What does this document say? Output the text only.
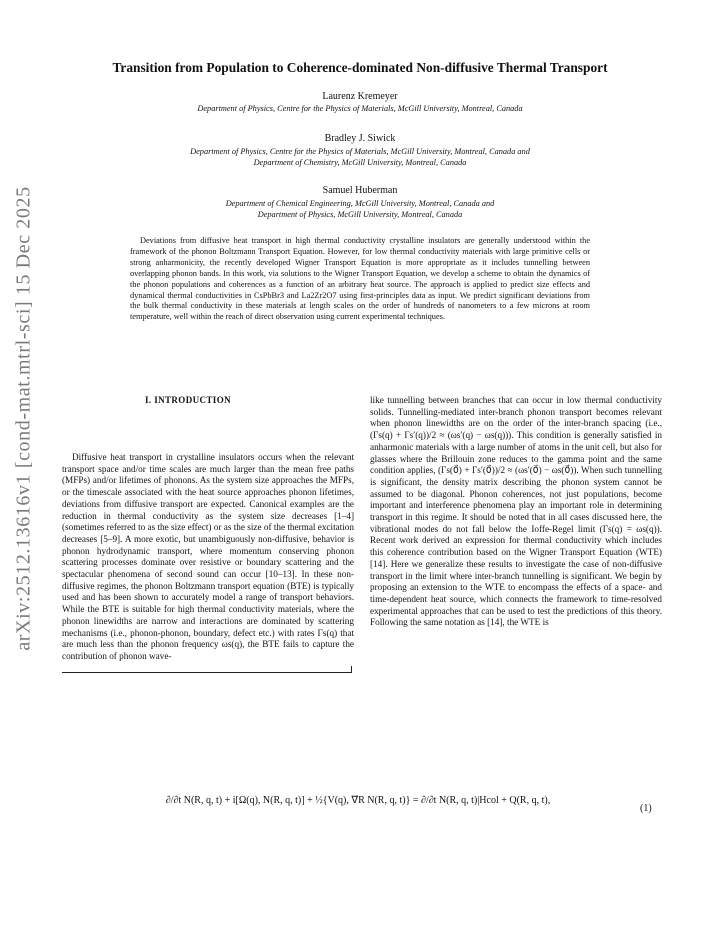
arXiv:2512.13616v1 [cond-mat.mtrl-sci] 15 Dec 2025
Transition from Population to Coherence-dominated Non-diffusive Thermal Transport
Laurenz Kremeyer
Department of Physics, Centre for the Physics of Materials, McGill University, Montreal, Canada
Bradley J. Siwick
Department of Physics, Centre for the Physics of Materials, McGill University, Montreal, Canada and
Department of Chemistry, McGill University, Montreal, Canada
Samuel Huberman
Department of Chemical Engineering, McGill University, Montreal, Canada and
Department of Physics, McGill University, Montreal, Canada
Deviations from diffusive heat transport in high thermal conductivity crystalline insulators are generally understood within the framework of the phonon Boltzmann Transport Equation. However, for low thermal conductivity materials with large primitive cells or strong anharmonicity, the recently developed Wigner Transport Equation is more appropriate as it includes tunnelling between overlapping phonon bands. In this work, via solutions to the Wigner Transport Equation, we develop a scheme to obtain the dynamics of the phonon populations and coherences as a function of an arbitrary heat source. The approach is applied to predict size effects and dynamical thermal conductivities in CsPbBr3 and La2Zr2O7 using first-principles data as input. We predict significant deviations from the bulk thermal conductivity in these materials at length scales on the order of hundreds of nanometers to a few microns at room temperature, well within the reach of direct observation using current experimental techniques.
I. INTRODUCTION
Diffusive heat transport in crystalline insulators occurs when the relevant transport space and/or time scales are much larger than the mean free paths (MFPs) and/or lifetimes of phonons. As the system size approaches the MFPs, or the timescale associated with the heat source approaches phonon lifetimes, deviations from diffusive transport are expected. Canonical examples are the reduction in thermal conductivity as the system size decreases [1–4] (sometimes referred to as the size effect) or as the size of the thermal excitation decreases [5–9]. A more exotic, but unambiguously non-diffusive, behavior is phonon hydrodynamic transport, where momentum conserving phonon scattering processes dominate over resistive or boundary scattering and the spectacular phenomena of second sound can occur [10–13]. In these non-diffusive regimes, the phonon Boltzmann transport equation (BTE) is typically used and has been shown to accurately model a range of transport behaviors. While the BTE is suitable for high thermal conductivity materials, where the phonon linewidths are narrow and interactions are dominated by scattering mechanisms (i.e., phonon-phonon, boundary, defect etc.) with rates Γs(q) that are much less than the phonon frequency ωs(q), the BTE fails to capture the contribution of phonon wave-
like tunnelling between branches that can occur in low thermal conductivity solids. Tunnelling-mediated inter-branch phonon transport becomes relevant when phonon linewidths are on the order of the inter-branch spacing (i.e., (Γs(q) + Γs′(q))/2 ≈ (ωs′(q) − ωs(q))). This condition is generally satisfied in anharmonic materials with a large number of atoms in the unit cell, but also for glasses where the Brillouin zone reduces to the gamma point and the same condition applies, (Γs(0⃗) + Γs′(0⃗))/2 ≈ (ωs′(0⃗) − ωs(0⃗)). When such tunnelling is significant, the density matrix describing the phonon system cannot be assumed to be diagonal. Phonon coherences, not just populations, become important and interference phenomena play an important role in determining transport in this regime. It should be noted that in all cases discussed here, the vibrational modes do not fall below the Ioffe-Regel limit (Γs(q) = ωs(q)). Recent work derived an expression for thermal conductivity which includes this coherence contribution based on the Wigner Transport Equation (WTE) [14]. Here we generalize these results to investigate the case of non-diffusive transport in the limit where inter-branch tunnelling is significant. We begin by proposing an extension to the WTE to encompass the effects of a space- and time-dependent heat source, which connects the framework to time-resolved experimental approaches that can be used to test the predictions of this theory. Following the same notation as [14], the WTE is
∂/∂t N(R, q, t) + i[Ω(q), N(R, q, t)] + ½{V(q), ∇⃗R N(R, q, t)} = ∂/∂t N(R, q, t)|Hcol + Q(R, q, t),
(1)
